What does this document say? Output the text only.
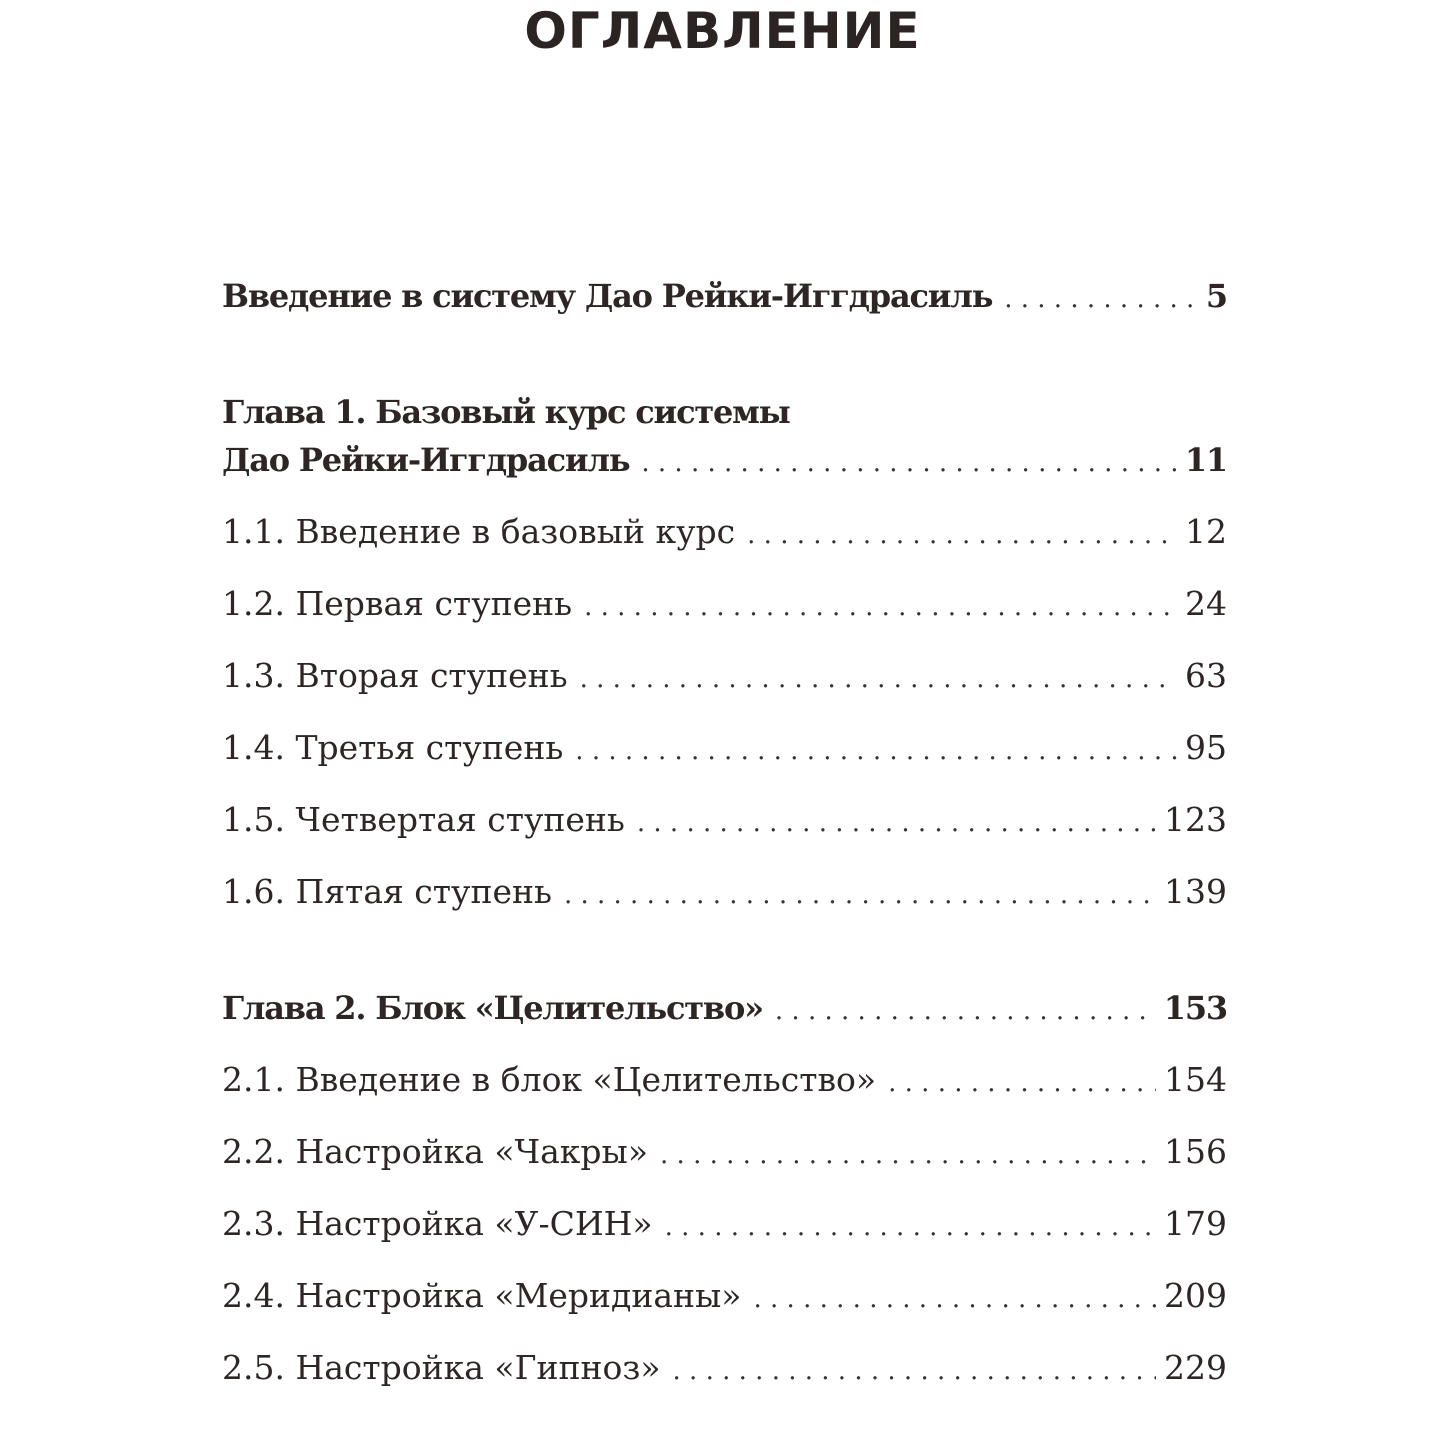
ОГЛАВЛЕНИЕ
Введение в систему Дао Рейки-Иггдрасиль . . .	5
Глава 1. Базовый курс системы
Дао Рейки-Иггдрасиль . . .	11
1.1. Введение в базовый курс . . .	12
1.2. Первая ступень . . .	24
1.3. Вторая ступень . . .	63
1.4. Третья ступень . . .	95
1.5. Четвертая ступень . . .	123
1.6. Пятая ступень . . .	139
Глава 2. Блок «Целительство» . . .	153
2.1. Введение в блок «Целительство» . . .	154
2.2. Настройка «Чакры» . . .	156
2.3. Настройка «У-СИН» . . .	179
2.4. Настройка «Меридианы» . . .	209
2.5. Настройка «Гипноз» . . .	229
